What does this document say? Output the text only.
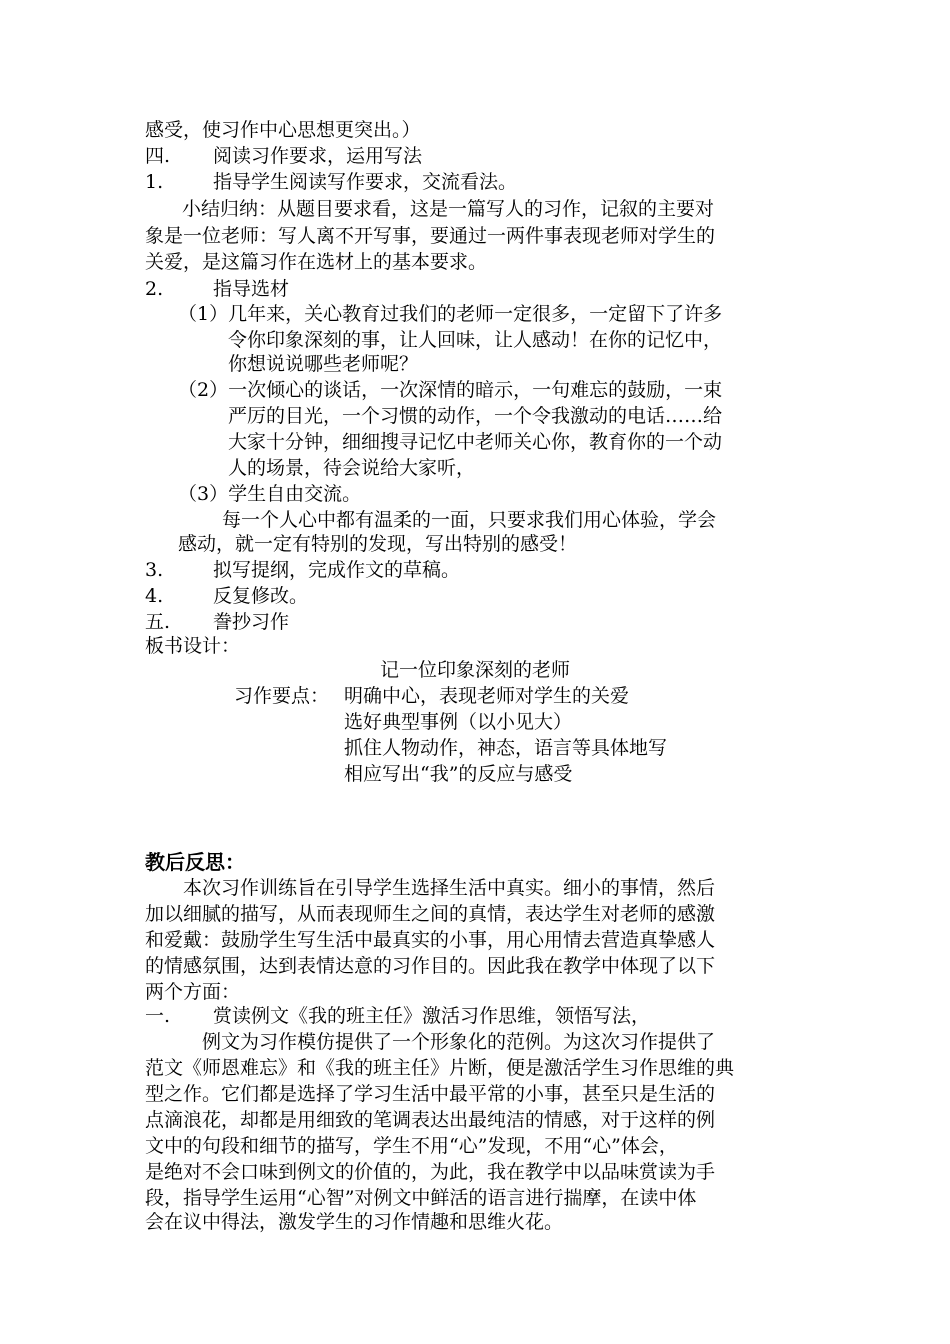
感受，使习作中心思想更突出。）
四. 阅读习作要求，运用写法
1.	指导学生阅读写作要求，交流看法。
小结归纳：从题目要求看，这是一篇写人的习作，记叙的主要对
象是一位老师：写人离不开写事，要通过一两件事表现老师对学生的
关爱，是这篇习作在选材上的基本要求。
2.	指导选材
（1）几年来，关心教育过我们的老师一定很多，一定留下了许多
令你印象深刻的事，让人回味，让人感动！在你的记忆中，
你想说说哪些老师呢？
（2）一次倾心的谈话，一次深情的暗示，一句难忘的鼓励，一束
严厉的目光，一个习惯的动作，一个令我激动的电话……给
大家十分钟，细细搜寻记忆中老师关心你，教育你的一个动
人的场景，待会说给大家听，
（3）学生自由交流。
每一个人心中都有温柔的一面，只要求我们用心体验，学会
感动，就一定有特别的发现，写出特别的感受！
3.	拟写提纲，完成作文的草稿。
4.	反复修改。
五. 誊抄习作
板书设计：
记一位印象深刻的老师
习作要点： 明确中心，表现老师对学生的关爱
选好典型事例（以小见大）
抓住人物动作，神态，语言等具体地写
相应写出“我”的反应与感受
教后反思：
本次习作训练旨在引导学生选择生活中真实。细小的事情，然后
加以细腻的描写，从而表现师生之间的真情，表达学生对老师的感激
和爱戴：鼓励学生写生活中最真实的小事，用心用情去营造真挚感人
的情感氛围，达到表情达意的习作目的。因此我在教学中体现了以下
两个方面：
一. 赏读例文《我的班主任》激活习作思维，领悟写法，
例文为习作模仿提供了一个形象化的范例。为这次习作提供了
范文《师恩难忘》和《我的班主任》片断，便是激活学生习作思维的典
型之作。它们都是选择了学习生活中最平常的小事，甚至只是生活的
点滴浪花，却都是用细致的笔调表达出最纯洁的情感，对于这样的例
文中的句段和细节的描写，学生不用“心”发现，不用“心”体会，
是绝对不会口味到例文的价值的，为此，我在教学中以品味赏读为手
段，指导学生运用“心智”对例文中鲜活的语言进行揣摩，在读中体
会在议中得法，激发学生的习作情趣和思维火花。
